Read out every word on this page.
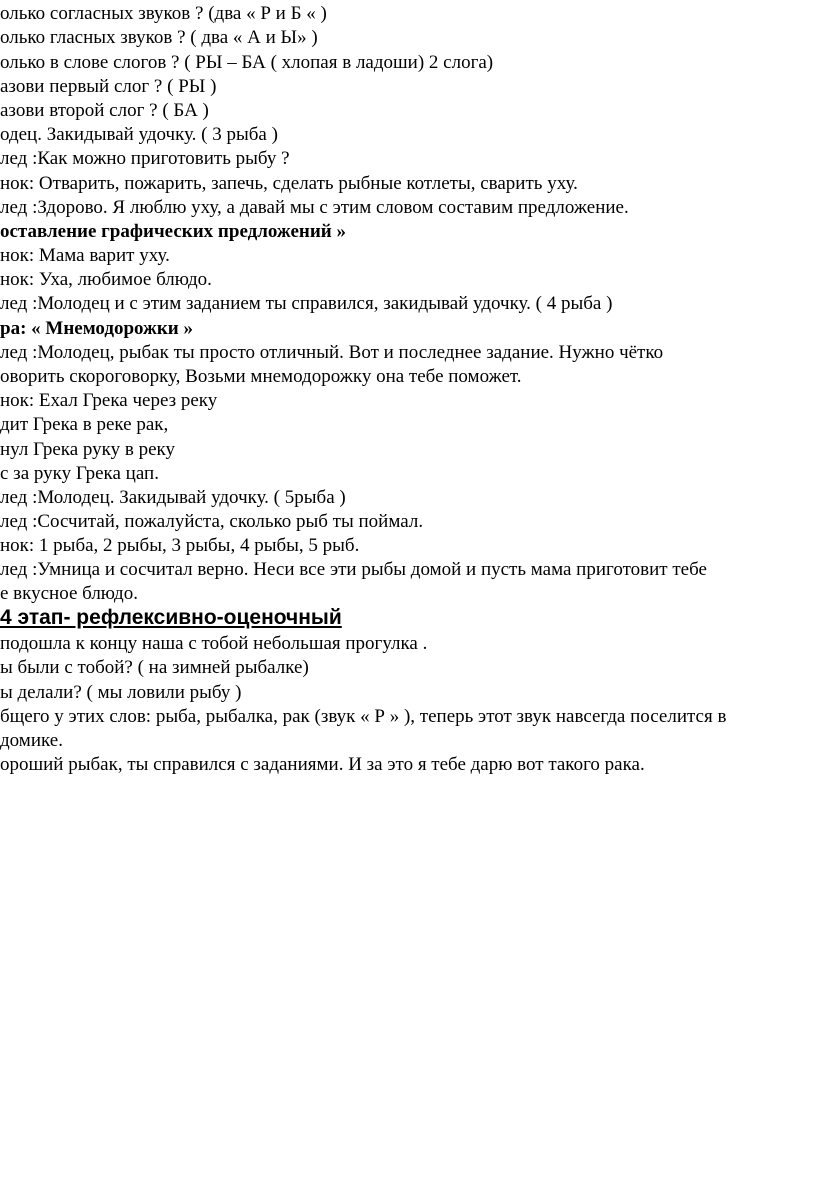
олько согласных звуков ? (два « Р и Б « )
олько гласных звуков ? ( два « А и Ы» )
олько в слове слогов ? ( РЫ – БА ( хлопая в ладоши) 2 слога)
азови первый слог ? ( РЫ )
азови второй слог ? ( БА )
одец. Закидывай удочку. ( 3 рыба )
лед :Как можно приготовить рыбу ?
нок: Отварить, пожарить, запечь, сделать рыбные котлеты, сварить уху.
лед :Здорово. Я люблю уху, а давай мы с этим словом составим предложение.
оставление графических предложений »
нок: Мама варит уху.
нок: Уха, любимое блюдо.
лед :Молодец и с этим заданием ты справился, закидывай удочку. ( 4 рыба )
ра: « Мнемодорожки »
лед :Молодец, рыбак ты просто отличный. Вот и последнее задание. Нужно чётко
оворить скороговорку, Возьми мнемодорожку она тебе поможет.
нок: Ехал Грека через реку
дит Грека в реке рак,
нул Грека руку в реку
с за руку Грека цап.
лед :Молодец. Закидывай удочку. ( 5рыба )
лед :Сосчитай, пожалуйста, сколько рыб ты поймал.
нок: 1 рыба, 2 рыбы, 3 рыбы, 4 рыбы, 5 рыб.
лед :Умница и сосчитал верно. Неси все эти рыбы домой и пусть мама приготовит тебе
е вкусное блюдо.
4 этап- рефлексивно-оценочный
подошла к концу наша с тобой небольшая прогулка .
ы были с тобой? ( на зимней рыбалке)
ы делали? ( мы ловили рыбу )
бщего у этих слов: рыба, рыбалка, рак (звук « Р » ), теперь этот звук навсегда поселится в
домике.
ороший рыбак, ты справился с заданиями. И за это я тебе дарю вот такого рака.
